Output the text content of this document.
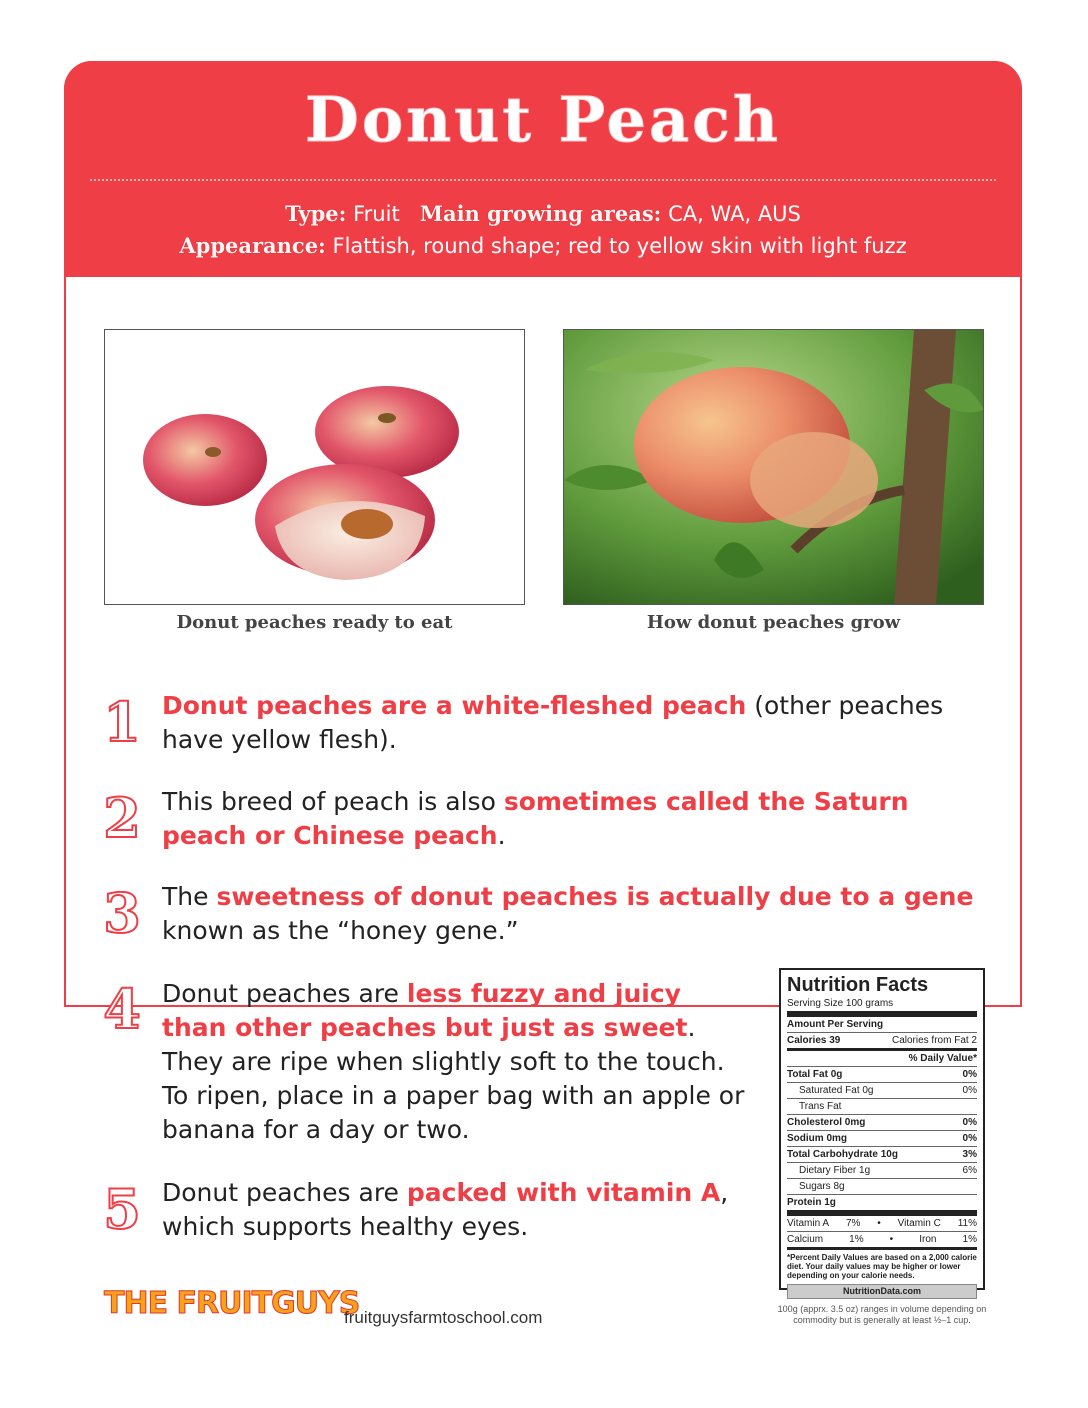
Donut Peach
Type: Fruit Main growing areas: CA, WA, AUS
Appearance: Flattish, round shape; red to yellow skin with light fuzz
Donut peaches ready to eat	How donut peaches grow
1 Donut peaches are a white-fleshed peach (other peaches have yellow flesh).
2 This breed of peach is also sometimes called the Saturn peach or Chinese peach.
3 The sweetness of donut peaches is actually due to a gene known as the “honey gene.”
4 Donut peaches are less fuzzy and juicy than other peaches but just as sweet. They are ripe when slightly soft to the touch. To ripen, place in a paper bag with an apple or banana for a day or two.
5 Donut peaches are packed with vitamin A, which supports healthy eyes.
Nutrition Facts
Serving Size 100 grams
Amount Per Serving
Calories 39	Calories from Fat 2
% Daily Value*
Total Fat 0g	0%
Saturated Fat 0g	0%
Trans Fat
Cholesterol 0mg	0%
Sodium 0mg	0%
Total Carbohydrate 10g	3%
Dietary Fiber 1g	6%
Sugars 8g
Protein 1g
Vitamin A 7% • Vitamin C 11%
Calcium	1%	•	Iron	1%
*Percent Daily Values are based on a 2,000 calorie diet. Your daily values may be higher or lower depending on your calorie needs.
NutritionData.com
100g (apprx. 3.5 oz) ranges in volume depending on commodity but is generally at least ½–1 cup.
THE FRUITGUYS
fruitguysfarmtoschool.com
